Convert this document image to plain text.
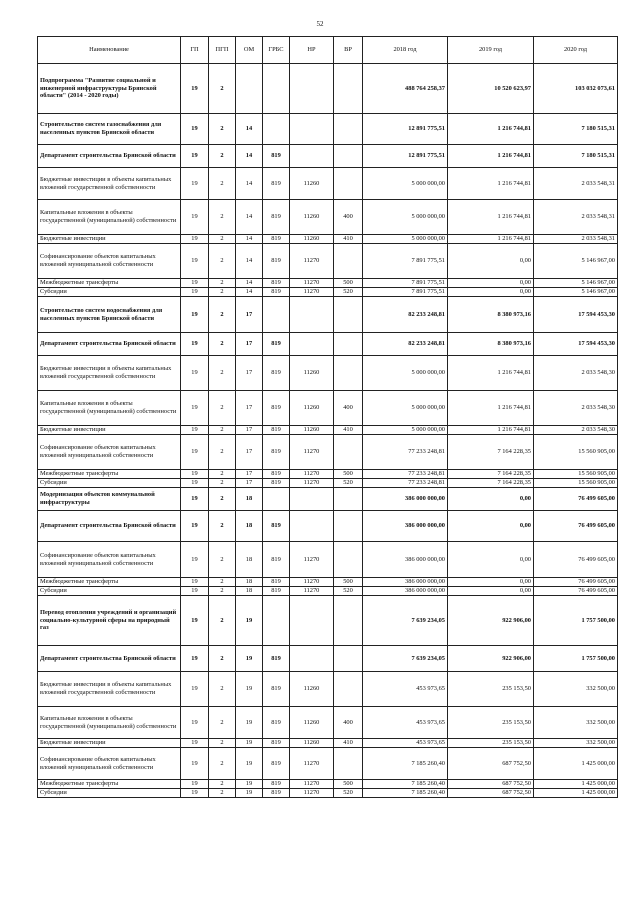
52
Наименование	ГП	ПГП	ОМ	ГРБС	НР	ВР	2018 год	2019 год	2020 год
Подпрограмма "Развитие социальной и инженерной инфраструктуры Брянской области" (2014 - 2020 годы)	19	2					488 764 258,37	10 520 623,97	103 032 073,61
Строительство систем газоснабжения для населенных пунктов Брянской области	19	2	14				12 891 775,51	1 216 744,81	7 180 515,31
Департамент строительства Брянской области	19	2	14	819			12 891 775,51	1 216 744,81	7 180 515,31
Бюджетные инвестиции в объекты капитальных вложений государственной собственности	19	2	14	819	11260		5 000 000,00	1 216 744,81	2 033 548,31
Капитальные вложения в объекты государственной (муниципальной) собственности	19	2	14	819	11260	400	5 000 000,00	1 216 744,81	2 033 548,31
Бюджетные инвестиции	19	2	14	819	11260	410	5 000 000,00	1 216 744,81	2 033 548,31
Софинансирование объектов капитальных вложений муниципальной собственности	19	2	14	819	11270		7 891 775,51	0,00	5 146 967,00
Межбюджетные трансферты	19	2	14	819	11270	500	7 891 775,51	0,00	5 146 967,00
Субсидии	19	2	14	819	11270	520	7 891 775,51	0,00	5 146 967,00
Строительство систем водоснабжения для населенных пунктов Брянской области	19	2	17				82 233 248,81	8 380 973,16	17 594 453,30
Департамент строительства Брянской области	19	2	17	819			82 233 248,81	8 380 973,16	17 594 453,30
Бюджетные инвестиции в объекты капитальных вложений государственной собственности	19	2	17	819	11260		5 000 000,00	1 216 744,81	2 033 548,30
Капитальные вложения в объекты государственной (муниципальной) собственности	19	2	17	819	11260	400	5 000 000,00	1 216 744,81	2 033 548,30
Бюджетные инвестиции	19	2	17	819	11260	410	5 000 000,00	1 216 744,81	2 033 548,30
Софинансирование объектов капитальных вложений муниципальной собственности	19	2	17	819	11270		77 233 248,81	7 164 228,35	15 560 905,00
Межбюджетные трансферты	19	2	17	819	11270	500	77 233 248,81	7 164 228,35	15 560 905,00
Субсидии	19	2	17	819	11270	520	77 233 248,81	7 164 228,35	15 560 905,00
Модернизация объектов коммунальной инфраструктуры	19	2	18				386 000 000,00	0,00	76 499 605,00
Департамент строительства Брянской области	19	2	18	819			386 000 000,00	0,00	76 499 605,00
Софинансирование объектов капитальных вложений муниципальной собственности	19	2	18	819	11270		386 000 000,00	0,00	76 499 605,00
Межбюджетные трансферты	19	2	18	819	11270	500	386 000 000,00	0,00	76 499 605,00
Субсидии	19	2	18	819	11270	520	386 000 000,00	0,00	76 499 605,00
Перевод отопления учреждений и организаций социально-культурной сферы на природный газ	19	2	19				7 639 234,05	922 906,00	1 757 500,00
Департамент строительства Брянской области	19	2	19	819			7 639 234,05	922 906,00	1 757 500,00
Бюджетные инвестиции в объекты капитальных вложений государственной собственности	19	2	19	819	11260		453 973,65	235 153,50	332 500,00
Капитальные вложения в объекты государственной (муниципальной) собственности	19	2	19	819	11260	400	453 973,65	235 153,50	332 500,00
Бюджетные инвестиции	19	2	19	819	11260	410	453 973,65	235 153,50	332 500,00
Софинансирование объектов капитальных вложений муниципальной собственности	19	2	19	819	11270		7 185 260,40	687 752,50	1 425 000,00
Межбюджетные трансферты	19	2	19	819	11270	500	7 185 260,40	687 752,50	1 425 000,00
Субсидии	19	2	19	819	11270	520	7 185 260,40	687 752,50	1 425 000,00
